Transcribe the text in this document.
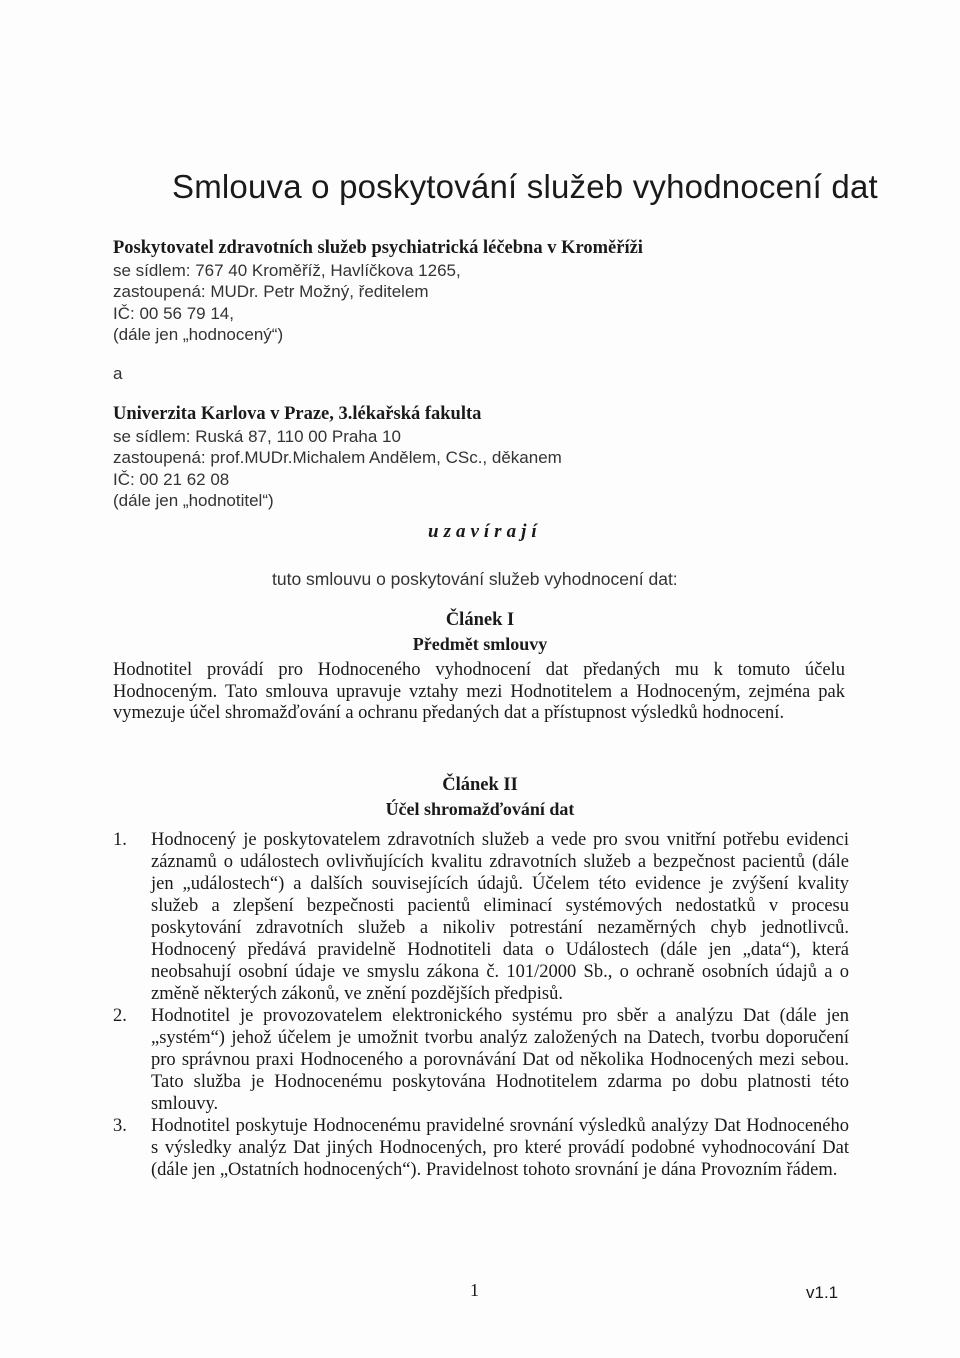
Smlouva o poskytování služeb vyhodnocení dat
Poskytovatel zdravotních služeb psychiatrická léčebna v Kroměříži
se sídlem: 767 40 Kroměříž, Havlíčkova 1265,
zastoupená: MUDr. Petr Možný, ředitelem
IČ: 00 56 79 14,
(dále jen „hodnocený“)
a
Univerzita Karlova v Praze, 3.lékařská fakulta
se sídlem: Ruská 87, 110 00 Praha 10
zastoupená: prof.MUDr.Michalem Andělem, CSc., děkanem
IČ: 00 21 62 08
(dále jen „hodnotitel“)
uzavírají
tuto smlouvu o poskytování služeb vyhodnocení dat:
Článek I
Předmět smlouvy
Hodnotitel provádí pro Hodnoceného vyhodnocení dat předaných mu k tomuto účelu Hodnoceným. Tato smlouva upravuje vztahy mezi Hodnotitelem a Hodnoceným, zejména pak vymezuje účel shromažďování a ochranu předaných dat a přístupnost výsledků hodnocení.
Článek II
Účel shromažďování dat
1.	Hodnocený je poskytovatelem zdravotních služeb a vede pro svou vnitřní potřebu evidenci záznamů o událostech ovlivňujících kvalitu zdravotních služeb a bezpečnost pacientů (dále jen „událostech“) a dalších souvisejících údajů. Účelem této evidence je zvýšení kvality služeb a zlepšení bezpečnosti pacientů eliminací systémových nedostatků v procesu poskytování zdravotních služeb a nikoliv potrestání nezaměrných chyb jednotlivců. Hodnocený předává pravidelně Hodnotiteli data o Událostech (dále jen „data“), která neobsahují osobní údaje ve smyslu zákona č. 101/2000 Sb., o ochraně osobních údajů a o změně některých zákonů, ve znění pozdějších předpisů.
2.	Hodnotitel je provozovatelem elektronického systému pro sběr a analýzu Dat (dále jen „systém“) jehož účelem je umožnit tvorbu analýz založených na Datech, tvorbu doporučení pro správnou praxi Hodnoceného a porovnávání Dat od několika Hodnocených mezi sebou. Tato služba je Hodnocenému poskytována Hodnotitelem zdarma po dobu platnosti této smlouvy.
3.	Hodnotitel poskytuje Hodnocenému pravidelné srovnání výsledků analýzy Dat Hodnoceného s výsledky analýz Dat jiných Hodnocených, pro které provádí podobné vyhodnocování Dat (dále jen „Ostatních hodnocených“). Pravidelnost tohoto srovnání je dána Provozním řádem.
1	v1.1
